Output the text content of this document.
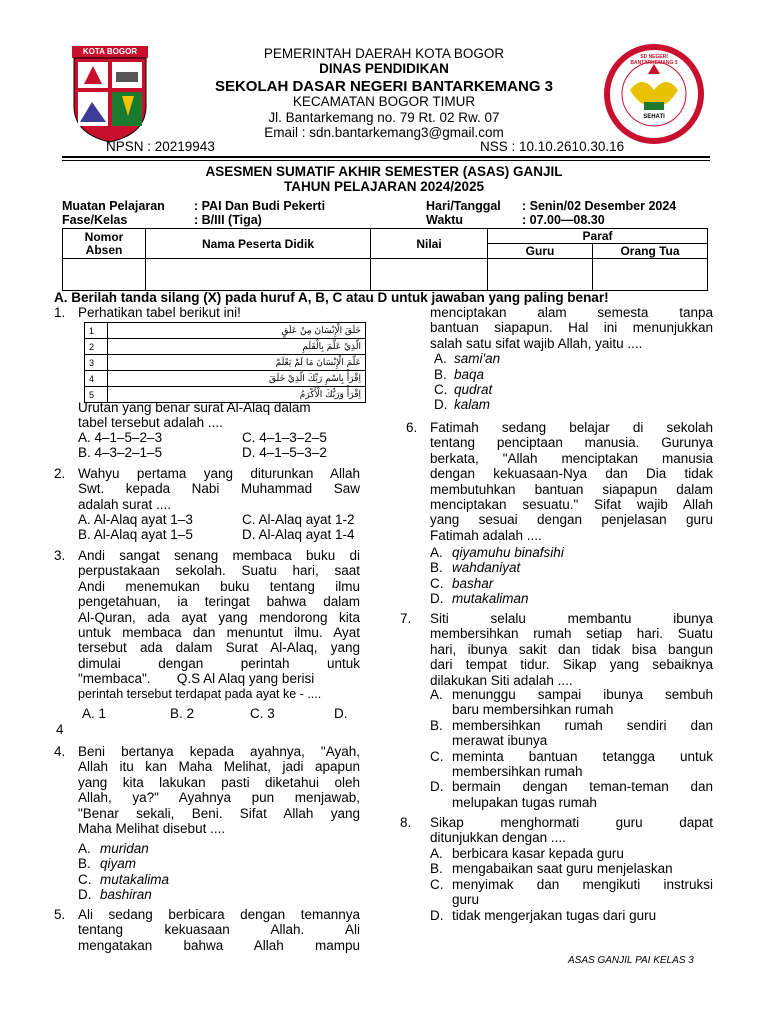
KOTA BOGOR
SD NEGERI BANTARKEMANG 3
SEHATI
PEMERINTAH DAERAH KOTA BOGOR
DINAS PENDIDIKAN
SEKOLAH DASAR NEGERI BANTARKEMANG 3
KECAMATAN BOGOR TIMUR
Jl. Bantarkemang no. 79 Rt. 02 Rw. 07
Email : sdn.bantarkemang3@gmail.com
NPSN : 20219943	NSS : 10.10.2610.30.16
ASESMEN SUMATIF AKHIR SEMESTER (ASAS) GANJIL
TAHUN PELAJARAN 2024/2025
Muatan Pelajaran : PAI Dan Budi Pekerti
Fase/Kelas	: B/III (Tiga)
Hari/Tanggal : Senin/02 Desember 2024
Waktu	: 07.00—08.30
Nomor
Absen	Nama Peserta Didik	Nilai	Paraf	
			Guru	Orang Tua

A. Berilah tanda silang (X) pada huruf A, B, C atau D untuk jawaban yang paling benar!
1. Perhatikan tabel berikut ini!
1	خَلَقَ الْإِنْسَانَ مِنْ عَلَقٍ
2	الَّذِيْ عَلَّمَ بِالْقَلَمِ
3	عَلَّمَ الْإِنْسَانَ مَا لَمْ يَعْلَمْ
4	اِقْرَأْ بِاسْمِ رَبِّكَ الَّذِيْ خَلَقَ
5	اِقْرَأْ وَرَبُّكَ الْأَكْرَمُ
Urutan yang benar surat Al-Alaq dalam
tabel tersebut adalah ....
A. 4–1–5–2–3	C. 4–1–3–2–5
B. 4–3–2–1–5	D. 4–1–5–3–2
2. Wahyu pertama yang diturunkan Allah
Swt. kepada Nabi Muhammad Saw
adalah surat ....
A. Al-Alaq ayat 1–3	C. Al-Alaq ayat 1-2
B. Al-Alaq ayat 1–5	D. Al-Alaq ayat 1-4
3. Andi sangat senang membaca buku di
perpustakaan sekolah. Suatu hari, saat
Andi menemukan buku tentang ilmu
pengetahuan, ia teringat bahwa dalam
Al-Quran, ada ayat yang mendorong kita
untuk membaca dan menuntut ilmu. Ayat
tersebut ada dalam Surat Al-Alaq, yang
dimulai dengan perintah untuk
"membaca".       Q.S Al Alaq yang berisi
perintah tersebut terdapat pada ayat ke - ....
A. 1	B. 2	C. 3	D.
4
4. Beni bertanya kepada ayahnya, "Ayah,
Allah itu kan Maha Melihat, jadi apapun
yang kita lakukan pasti diketahui oleh
Allah, ya?" Ayahnya pun menjawab,
"Benar sekali, Beni. Sifat Allah yang
Maha Melihat disebut ....
A. muridan
B. qiyam
C. mutakalima
D. bashiran
5. Ali sedang berbicara dengan temannya
tentang kekuasaan Allah. Ali
mengatakan bahwa Allah mampu
menciptakan alam semesta tanpa
bantuan siapapun. Hal ini menunjukkan
salah satu sifat wajib Allah, yaitu ....
A. sami'an
B. baqa
C. qudrat
D. kalam
6. Fatimah sedang belajar di sekolah
tentang penciptaan manusia. Gurunya
berkata, "Allah menciptakan manusia
dengan kekuasaan-Nya dan Dia tidak
membutuhkan bantuan siapapun dalam
menciptakan sesuatu." Sifat wajib Allah
yang sesuai dengan penjelasan guru
Fatimah adalah ....
A. qiyamuhu binafsihi
B. wahdaniyat
C. bashar
D. mutakaliman
7. Siti selalu membantu ibunya
membersihkan rumah setiap hari. Suatu
hari, ibunya sakit dan tidak bisa bangun
dari tempat tidur. Sikap yang sebaiknya
dilakukan Siti adalah ....
A. menunggu sampai ibunya sembuh
baru membersihkan rumah
B. membersihkan rumah sendiri dan
merawat ibunya
C. meminta bantuan tetangga untuk
membersihkan rumah
D. bermain dengan teman-teman dan
melupakan tugas rumah
8. Sikap menghormati guru dapat
ditunjukkan dengan ....
A. berbicara kasar kepada guru
B. mengabaikan saat guru menjelaskan
C. menyimak dan mengikuti instruksi
guru
D. tidak mengerjakan tugas dari guru
ASAS GANJIL PAI KELAS 3
